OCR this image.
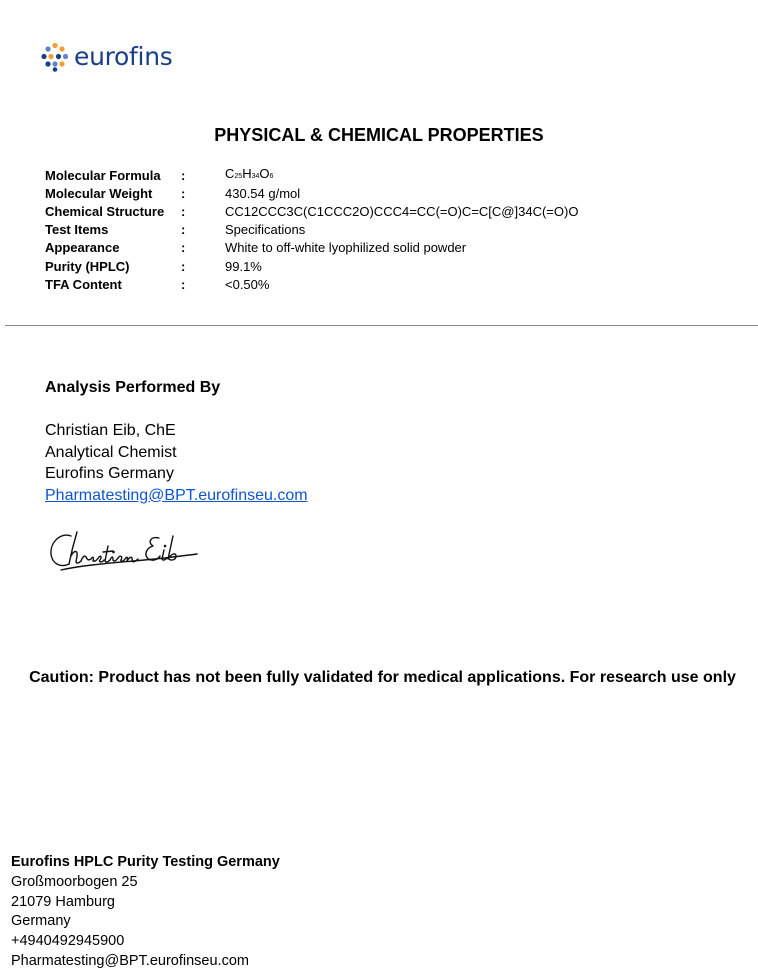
eurofins
PHYSICAL & CHEMICAL PROPERTIES
Molecular Formula	:	C25H34O6
Molecular Weight	:	430.54 g/mol
Chemical Structure	:	CC12CCC3C(C1CCC2O)CCC4=CC(=O)C=C[C@]34C(=O)O
Test Items	:	Specifications
Appearance	:	White to off-white lyophilized solid powder
Purity (HPLC)	:	99.1%
TFA Content	:	<0.50%
Analysis Performed By
Christian Eib, ChE
Analytical Chemist
Eurofins Germany
Pharmatesting@BPT.eurofinseu.com
Caution: Product has not been fully validated for medical applications. For research use only
Eurofins HPLC Purity Testing Germany
Großmoorbogen 25
21079 Hamburg
Germany
+4940492945900
Pharmatesting@BPT.eurofinseu.com
